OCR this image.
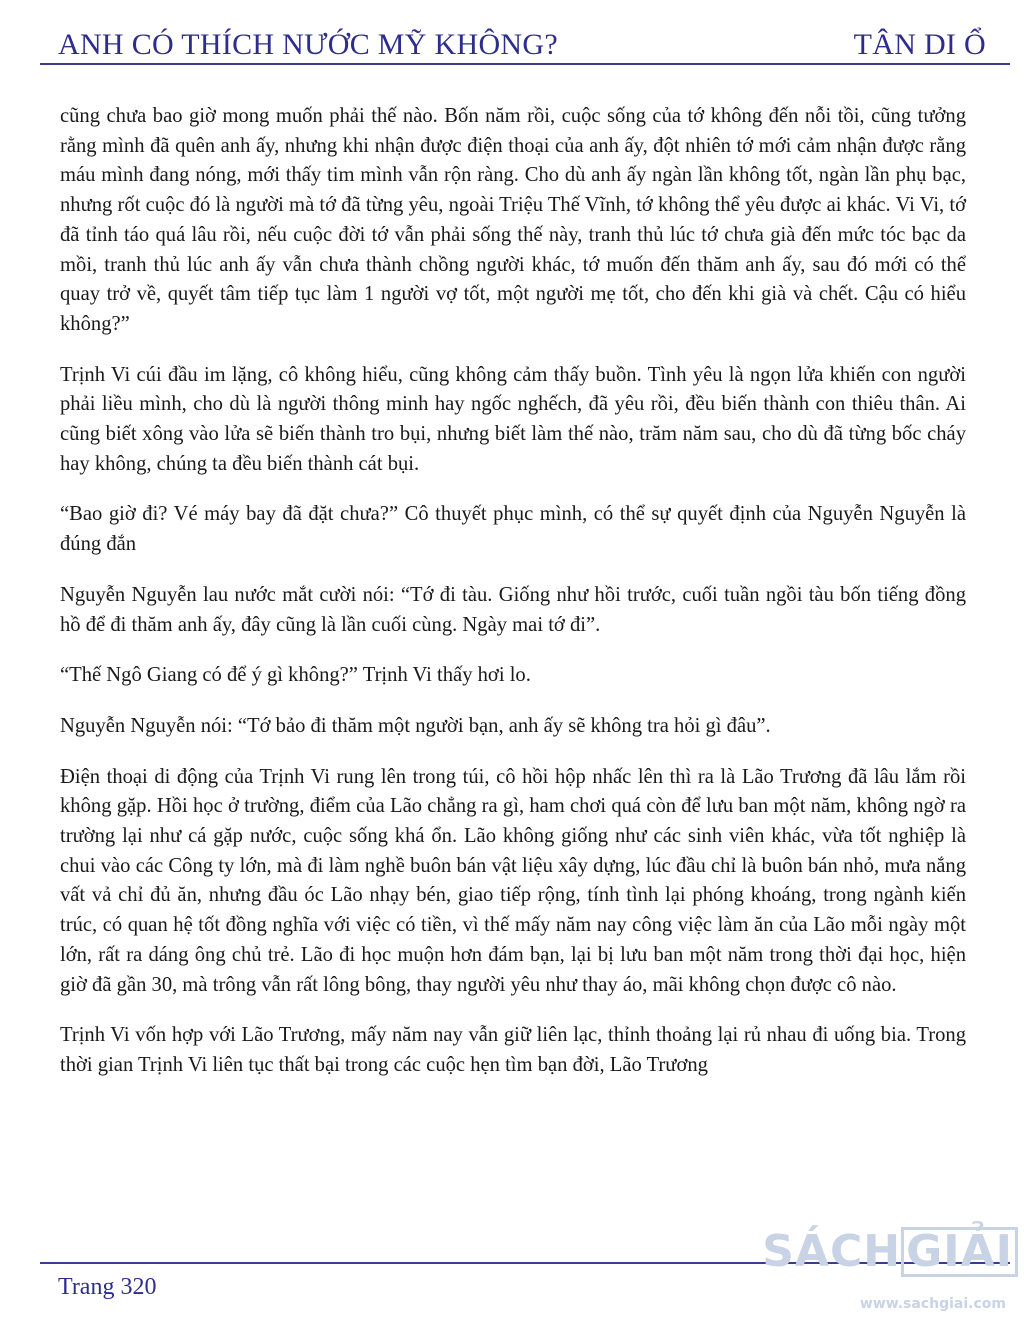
ANH CÓ THÍCH NƯỚC MỸ KHÔNG?	TÂN DI Ổ

cũng chưa bao giờ mong muốn phải thế nào. Bốn năm rồi, cuộc sống của tớ không đến nỗi tồi, cũng tưởng rằng mình đã quên anh ấy, nhưng khi nhận được điện thoại của anh ấy, đột nhiên tớ mới cảm nhận được rằng máu mình đang nóng, mới thấy tim mình vẫn rộn ràng. Cho dù anh ấy ngàn lần không tốt, ngàn lần phụ bạc, nhưng rốt cuộc đó là người mà tớ đã từng yêu, ngoài Triệu Thế Vĩnh, tớ không thể yêu được ai khác. Vi Vi, tớ đã tỉnh táo quá lâu rồi, nếu cuộc đời tớ vẫn phải sống thế này, tranh thủ lúc tớ chưa già đến mức tóc bạc da mồi, tranh thủ lúc anh ấy vẫn chưa thành chồng người khác, tớ muốn đến thăm anh ấy, sau đó mới có thể quay trở về, quyết tâm tiếp tục làm 1 người vợ tốt, một người mẹ tốt, cho đến khi già và chết. Cậu có hiểu không?”

Trịnh Vi cúi đầu im lặng, cô không hiểu, cũng không cảm thấy buồn. Tình yêu là ngọn lửa khiến con người phải liều mình, cho dù là người thông minh hay ngốc nghếch, đã yêu rồi, đều biến thành con thiêu thân. Ai cũng biết xông vào lửa sẽ biến thành tro bụi, nhưng biết làm thế nào, trăm năm sau, cho dù đã từng bốc cháy hay không, chúng ta đều biến thành cát bụi.

“Bao giờ đi? Vé máy bay đã đặt chưa?” Cô thuyết phục mình, có thể sự quyết định của Nguyễn Nguyễn là đúng đắn

Nguyễn Nguyễn lau nước mắt cười nói: “Tớ đi tàu. Giống như hồi trước, cuối tuần ngồi tàu bốn tiếng đồng hồ để đi thăm anh ấy, đây cũng là lần cuối cùng. Ngày mai tớ đi”.

“Thế Ngô Giang có để ý gì không?” Trịnh Vi thấy hơi lo.

Nguyễn Nguyễn nói: “Tớ bảo đi thăm một người bạn, anh ấy sẽ không tra hỏi gì đâu”.

Điện thoại di động của Trịnh Vi rung lên trong túi, cô hồi hộp nhấc lên thì ra là Lão Trương đã lâu lắm rồi không gặp. Hồi học ở trường, điểm của Lão chẳng ra gì, ham chơi quá còn để lưu ban một năm, không ngờ ra trường lại như cá gặp nước, cuộc sống khá ổn. Lão không giống như các sinh viên khác, vừa tốt nghiệp là chui vào các Công ty lớn, mà đi làm nghề buôn bán vật liệu xây dựng, lúc đầu chỉ là buôn bán nhỏ, mưa nắng vất vả chỉ đủ ăn, nhưng đầu óc Lão nhạy bén, giao tiếp rộng, tính tình lại phóng khoáng, trong ngành kiến trúc, có quan hệ tốt đồng nghĩa với việc có tiền, vì thế mấy năm nay công việc làm ăn của Lão mỗi ngày một lớn, rất ra dáng ông chủ trẻ. Lão đi học muộn hơn đám bạn, lại bị lưu ban một năm trong thời đại học, hiện giờ đã gần 30, mà trông vẫn rất lông bông, thay người yêu như thay áo, mãi không chọn được cô nào.

Trịnh Vi vốn hợp với Lão Trương, mấy năm nay vẫn giữ liên lạc, thỉnh thoảng lại rủ nhau đi uống bia. Trong thời gian Trịnh Vi liên tục thất bại trong các cuộc hẹn tìm bạn đời, Lão Trương

Trang 320
SÁCH GIẢI
www.sachgiai.com
